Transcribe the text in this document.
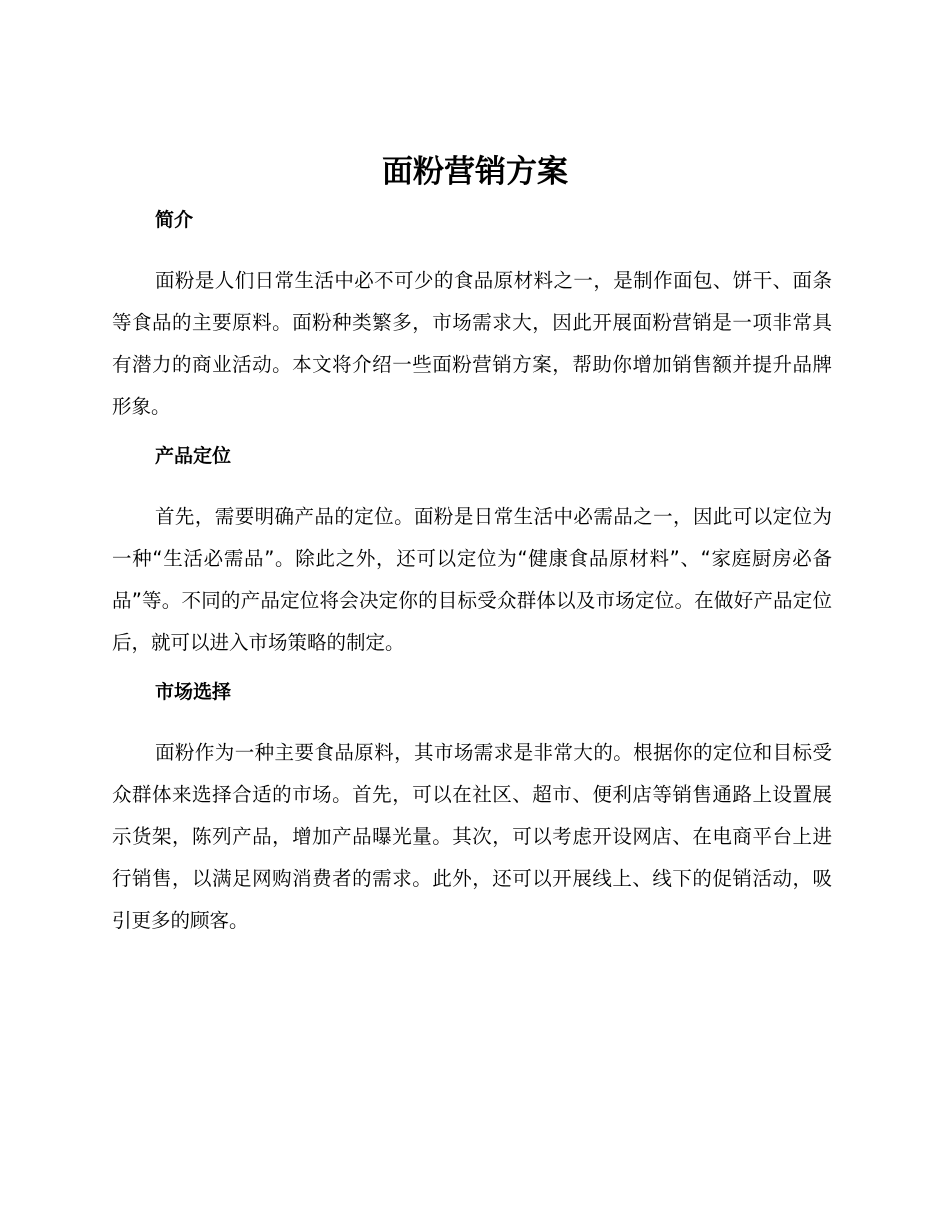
面粉营销方案
简介

面粉是人们日常生活中必不可少的食品原材料之一，是制作面包、饼干、面条等食品的主要原料。面粉种类繁多，市场需求大，因此开展面粉营销是一项非常具有潜力的商业活动。本文将介绍一些面粉营销方案，帮助你增加销售额并提升品牌形象。

产品定位

首先，需要明确产品的定位。面粉是日常生活中必需品之一，因此可以定位为一种“生活必需品”。除此之外，还可以定位为“健康食品原材料”、“家庭厨房必备品”等。不同的产品定位将会决定你的目标受众群体以及市场定位。在做好产品定位后，就可以进入市场策略的制定。

市场选择

面粉作为一种主要食品原料，其市场需求是非常大的。根据你的定位和目标受众群体来选择合适的市场。首先，可以在社区、超市、便利店等销售通路上设置展示货架，陈列产品，增加产品曝光量。其次，可以考虑开设网店、在电商平台上进行销售，以满足网购消费者的需求。此外，还可以开展线上、线下的促销活动，吸引更多的顾客。
